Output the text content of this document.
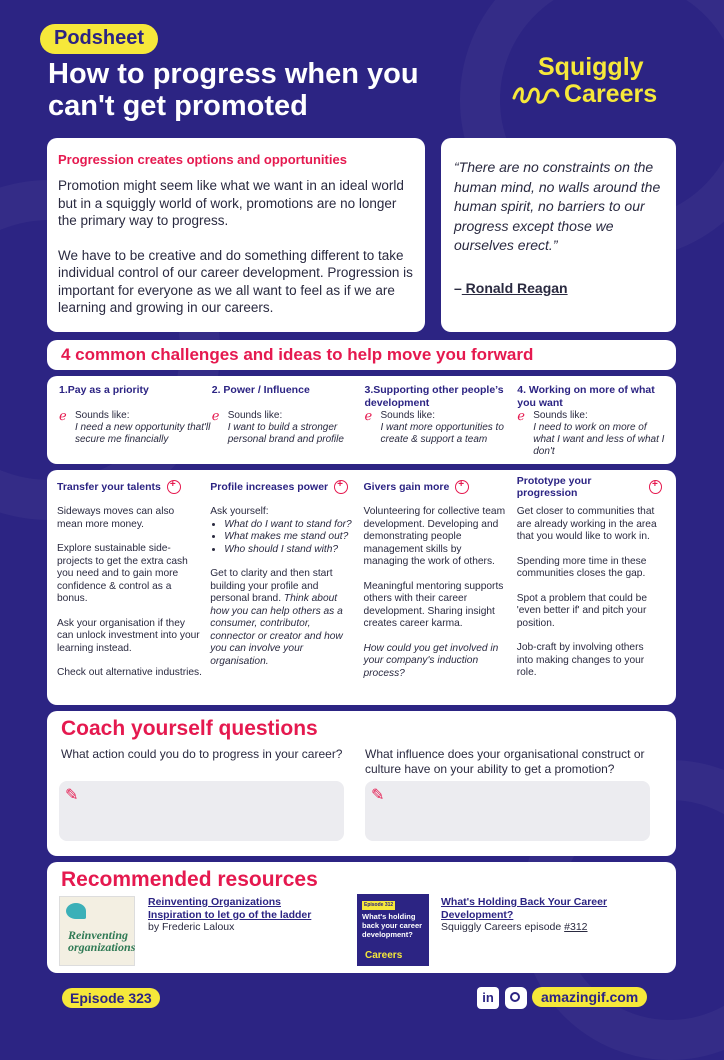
Podsheet
How to progress when you can't get promoted
Squiggly
Careers
Progression creates options and opportunities

Promotion might seem like what we want in an ideal world but in a squiggly world of work, promotions are no longer the primary way to progress.

We have to be creative and do something different to take individual control of our career development. Progression is important for everyone as we all want to feel as if we are learning and growing in our careers.

“There are no constraints on the human mind, no walls around the human spirit, no barriers to our progress except those we ourselves erect.”
– Ronald Reagan
4 common challenges and ideas to help move you forward
1.Pay as a priority
ℯ Sounds like:
I need a new opportunity that'll secure me financially
2. Power / Influence
ℯ Sounds like:
I want to build a stronger personal brand and profile
3.Supporting other people’s development
ℯ Sounds like:
I want more opportunities to create & support a team
4. Working on more of what you want
ℯ Sounds like:
I need to work on more of what I want and less of what I don't
Transfer your talents
+

Sideways moves can also mean more money.

Explore sustainable side-projects to get the extra cash you need and to gain more confidence & control as a bonus.

Ask your organisation if they can unlock investment into your learning instead.

Check out alternative industries.

Profile increases power
+

Ask yourself:

• What do I want to stand for?
• What makes me stand out?
• Who should I stand with?

Get to clarity and then start building your profile and personal brand. Think about how you can help others as a consumer, contributor, connector or creator and how you can involve your organisation.

Givers gain more
+

Volunteering for collective team development. Developing and demonstrating people management skills by managing the work of others.

Meaningful mentoring supports others with their career development. Sharing insight creates career karma.

How could you get involved in your company's induction process?

Prototype your progression
+

Get closer to communities that are already working in the area that you would like to work in.

Spending more time in these communities closes the gap.

Spot a problem that could be 'even better if' and pitch your position.

Job-craft by involving others into making changes to your role.

Coach yourself questions
What action could you do to progress in your career?	What influence does your organisational construct or culture have on your ability to get a promotion?
✎	✎
Recommended resources
Reinventing organizations
Reinventing Organizations
Inspiration to let go of the ladder
by Frederic Laloux
Episode 312
What's holding back your career development?
Careers
What's Holding Back Your Career
Development?
Squiggly Careers episode #312
Episode 323	in	amazingif.com
